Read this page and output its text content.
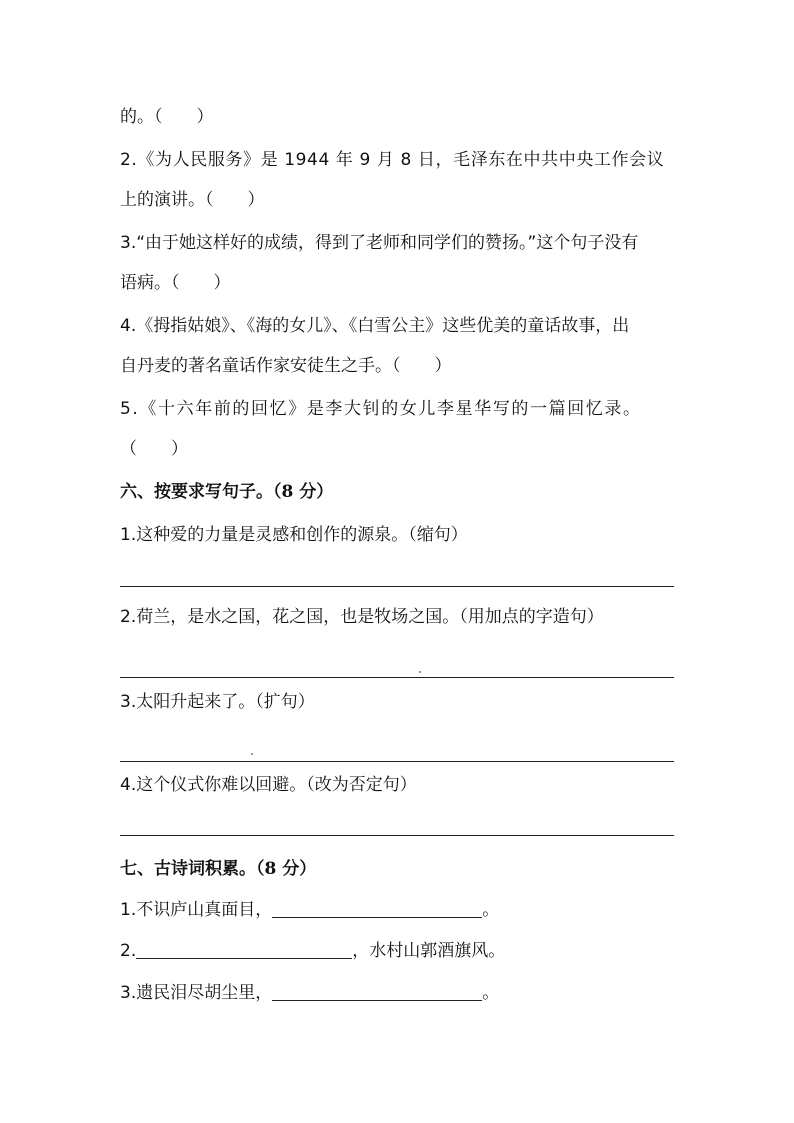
的。（　　）
2.《为人民服务》是 1944 年 9 月 8 日，毛泽东在中共中央工作会议
上的演讲。（　　）
3.“由于她这样好的成绩，得到了老师和同学们的赞扬。”这个句子没有
语病。（　　）
4.《拇指姑娘》、《海的女儿》、《白雪公主》这些优美的童话故事，出
自丹麦的著名童话作家安徒生之手。（　　）
5.《十六年前的回忆》是李大钊的女儿李星华写的一篇回忆录。
（　　）
六、按要求写句子。（8 分）
1.这种爱的力量是灵感和创作的源泉。（缩句）
2.荷兰，是水之国，花之国，也是牧场之国。（用加点的字造句）
3.太阳升起来了。（扩句）
4.这个仪式你难以回避。（改为否定句）
七、古诗词积累。（8 分）
1.不识庐山真面目，	。
2.	，水村山郭酒旗风。
3.遗民泪尽胡尘里，	。
